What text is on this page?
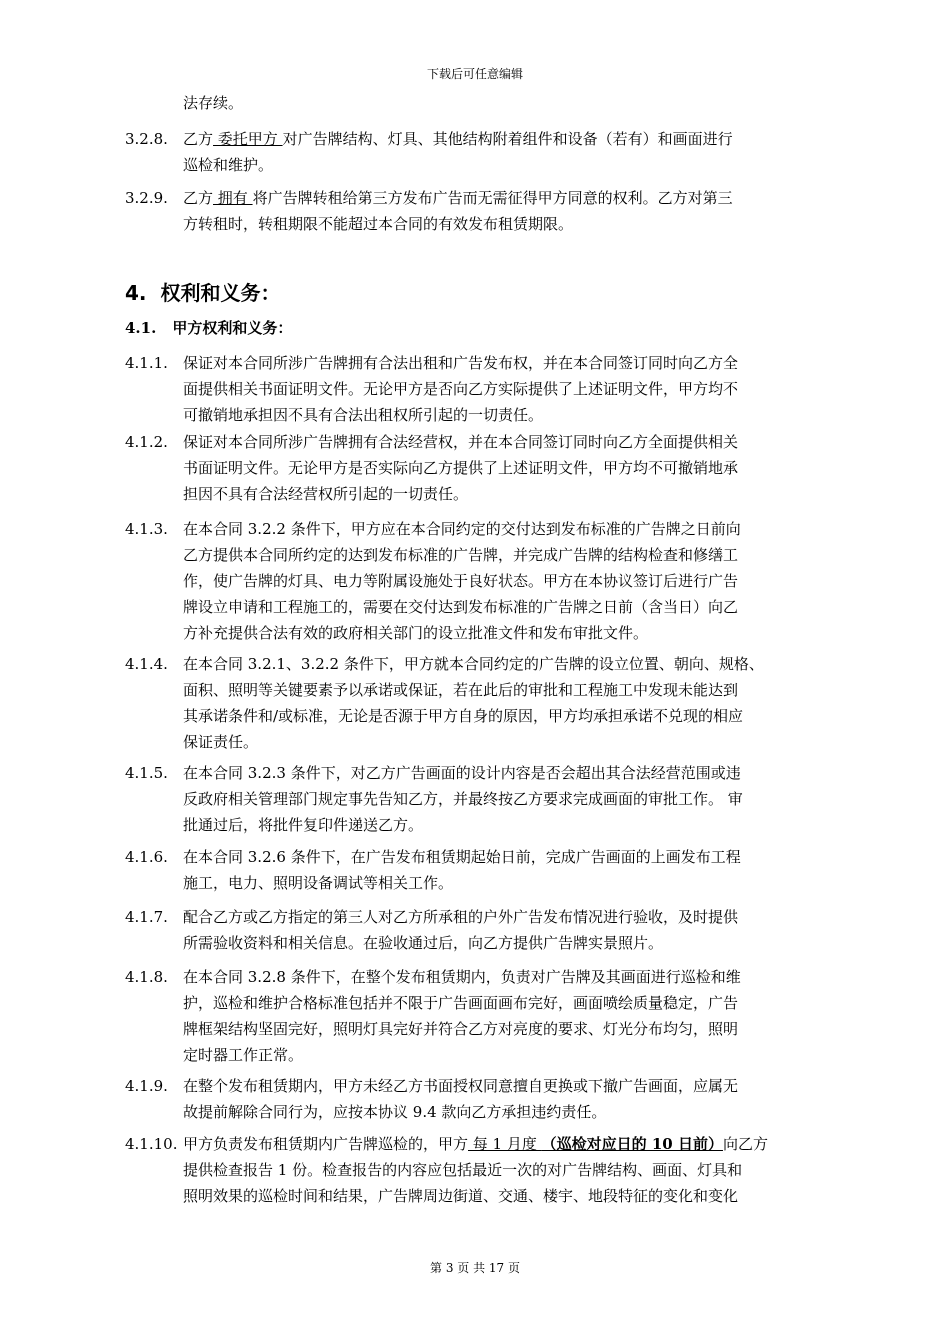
下载后可任意编辑
法存续。
3.2.8. 乙方 委托甲方 对广告牌结构、灯具、其他结构附着组件和设备（若有）和画面进行
巡检和维护。
3.2.9. 乙方 拥有 将广告牌转租给第三方发布广告而无需征得甲方同意的权利。乙方对第三
方转租时，转租期限不能超过本合同的有效发布租赁期限。
4. 权利和义务：
4.1. 甲方权利和义务：
4.1.1. 保证对本合同所涉广告牌拥有合法出租和广告发布权，并在本合同签订同时向乙方全
面提供相关书面证明文件。无论甲方是否向乙方实际提供了上述证明文件，甲方均不
可撤销地承担因不具有合法出租权所引起的一切责任。
4.1.2. 保证对本合同所涉广告牌拥有合法经营权，并在本合同签订同时向乙方全面提供相关
书面证明文件。无论甲方是否实际向乙方提供了上述证明文件，甲方均不可撤销地承
担因不具有合法经营权所引起的一切责任。
4.1.3. 在本合同 3.2.2 条件下，甲方应在本合同约定的交付达到发布标准的广告牌之日前向
乙方提供本合同所约定的达到发布标准的广告牌，并完成广告牌的结构检查和修缮工
作，使广告牌的灯具、电力等附属设施处于良好状态。甲方在本协议签订后进行广告
牌设立申请和工程施工的，需要在交付达到发布标准的广告牌之日前（含当日）向乙
方补充提供合法有效的政府相关部门的设立批准文件和发布审批文件。
4.1.4. 在本合同 3.2.1、3.2.2 条件下，甲方就本合同约定的广告牌的设立位置、朝向、规格、
面积、照明等关键要素予以承诺或保证，若在此后的审批和工程施工中发现未能达到
其承诺条件和/或标准，无论是否源于甲方自身的原因，甲方均承担承诺不兑现的相应
保证责任。
4.1.5. 在本合同 3.2.3 条件下，对乙方广告画面的设计内容是否会超出其合法经营范围或违
反政府相关管理部门规定事先告知乙方，并最终按乙方要求完成画面的审批工作。 审
批通过后，将批件复印件递送乙方。
4.1.6. 在本合同 3.2.6 条件下，在广告发布租赁期起始日前，完成广告画面的上画发布工程
施工，电力、照明设备调试等相关工作。
4.1.7. 配合乙方或乙方指定的第三人对乙方所承租的户外广告发布情况进行验收，及时提供
所需验收资料和相关信息。在验收通过后，向乙方提供广告牌实景照片。
4.1.8. 在本合同 3.2.8 条件下，在整个发布租赁期内，负责对广告牌及其画面进行巡检和维
护，巡检和维护合格标准包括并不限于广告画面画布完好，画面喷绘质量稳定，广告
牌框架结构坚固完好，照明灯具完好并符合乙方对亮度的要求、灯光分布均匀，照明
定时器工作正常。
4.1.9. 在整个发布租赁期内，甲方未经乙方书面授权同意擅自更换或下撤广告画面，应属无
故提前解除合同行为，应按本协议 9.4 款向乙方承担违约责任。
4.1.10. 甲方负责发布租赁期内广告牌巡检的，甲方 每 1 月度 （巡检对应日的 10 日前）向乙方
提供检查报告 1 份。检查报告的内容应包括最近一次的对广告牌结构、画面、灯具和
照明效果的巡检时间和结果，广告牌周边街道、交通、楼宇、地段特征的变化和变化
第 3 页 共 17 页
